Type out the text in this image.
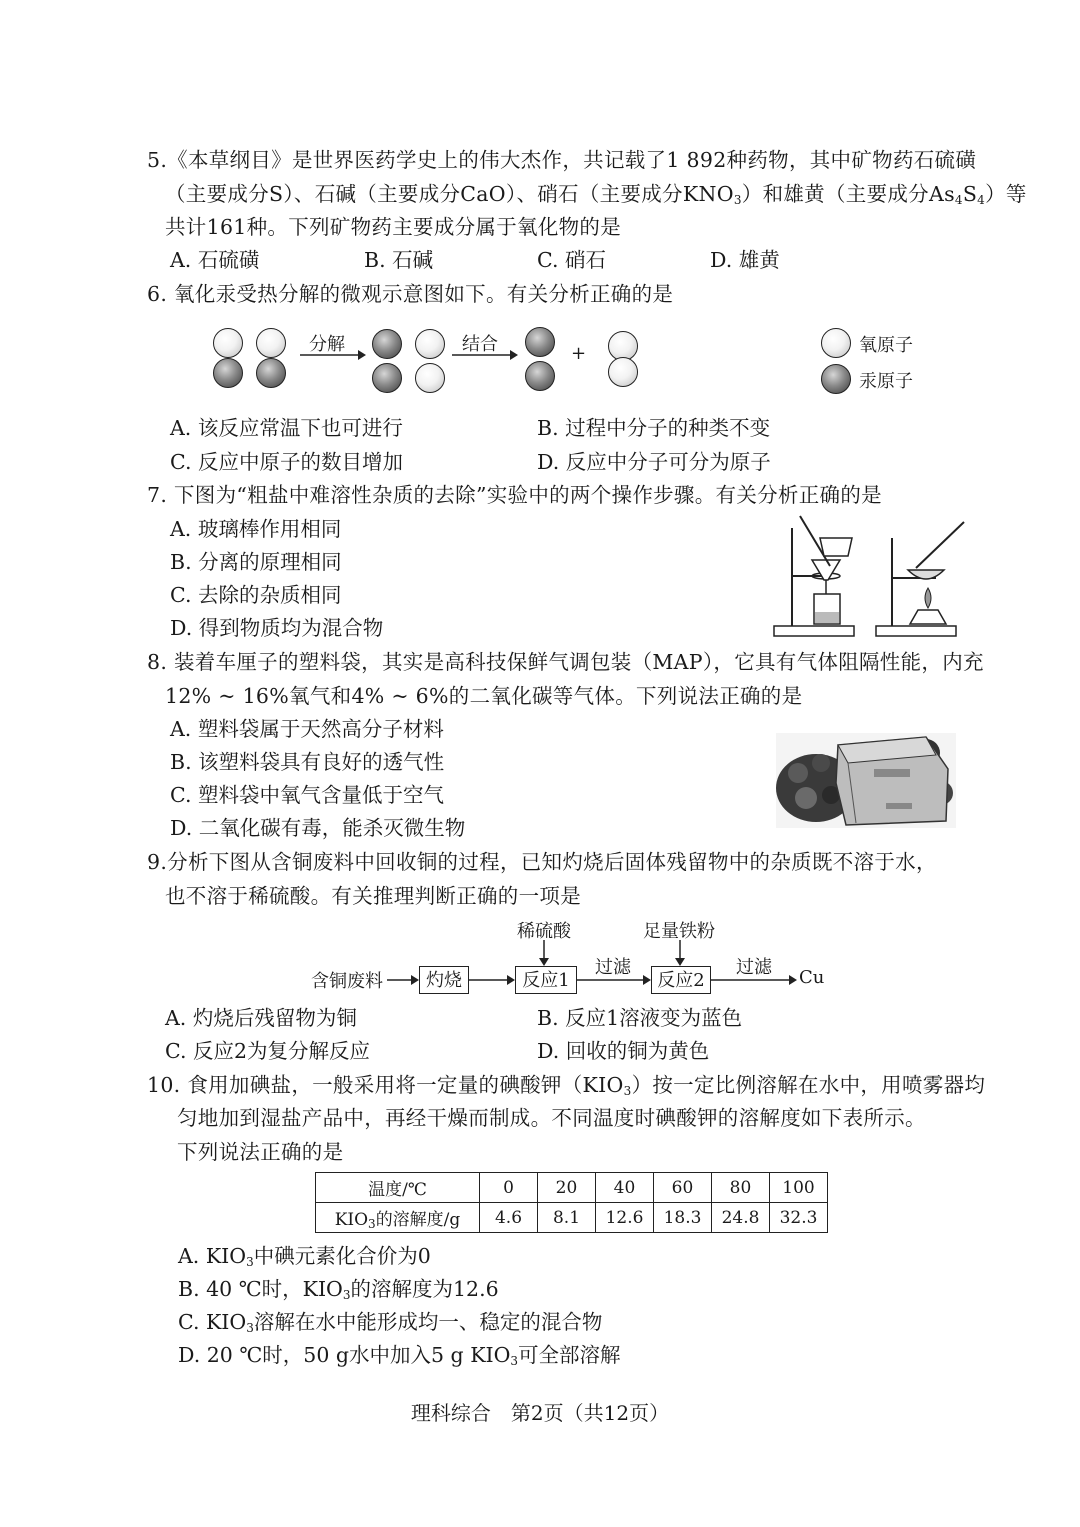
5.《本草纲目》是世界医药学史上的伟大杰作，共记载了1 892种药物，其中矿物药石硫磺
（主要成分S）、石碱（主要成分CaO）、硝石（主要成分$KNO_3$）和雄黄（主要成分$As_4S_4$）等
共计161种。下列矿物药主要成分属于氧化物的是
A. 石硫磺	B. 石碱	C. 硝石	D. 雄黄
6. 氧化汞受热分解的微观示意图如下。有关分析正确的是
分解	结合	+	氧原子
汞原子
A. 该反应常温下也可进行	B. 过程中分子的种类不变
C. 反应中原子的数目增加	D. 反应中分子可分为原子
7. 下图为“粗盐中难溶性杂质的去除”实验中的两个操作步骤。有关分析正确的是
A. 玻璃棒作用相同
B. 分离的原理相同
C. 去除的杂质相同
D. 得到物质均为混合物
8. 装着车厘子的塑料袋，其实是高科技保鲜气调包装（MAP），它具有气体阻隔性能，内充
12% ~ 16%氧气和4% ~ 6%的二氧化碳等气体。下列说法正确的是
A. 塑料袋属于天然高分子材料
B. 该塑料袋具有良好的透气性
C. 塑料袋中氧气含量低于空气
D. 二氧化碳有毒，能杀灭微生物
9.分析下图从含铜废料中回收铜的过程，已知灼烧后固体残留物中的杂质既不溶于水，
也不溶于稀硫酸。有关推理判断正确的一项是
含铜废料	灼烧
稀硫酸
反应1
过滤
足量铁粉
反应2
过滤 Cu
A. 灼烧后残留物为铜	B. 反应1溶液变为蓝色
C. 反应2为复分解反应	D. 回收的铜为黄色
10. 食用加碘盐，一般采用将一定量的碘酸钾$(KIO_3)$按一定比例溶解在水中，用喷雾器均
匀地加到湿盐产品中，再经干燥而制成。不同温度时碘酸钾的溶解度如下表所示。
下列说法正确的是
温度/℃	0	20	40	60	80	100
$KIO_3$的溶解度/g	4.6	8.1	12.6	18.3	24.8	32.3
A. $KIO_3$中碘元素化合价为0
B. 40 ℃时，$KIO_3$的溶解度为12.6
C. $KIO_3$溶解在水中能形成均一、稳定的混合物
D. 20 ℃时，50 g水中加入5 g $KIO_3$可全部溶解
理科综合　第2页（共12页）
